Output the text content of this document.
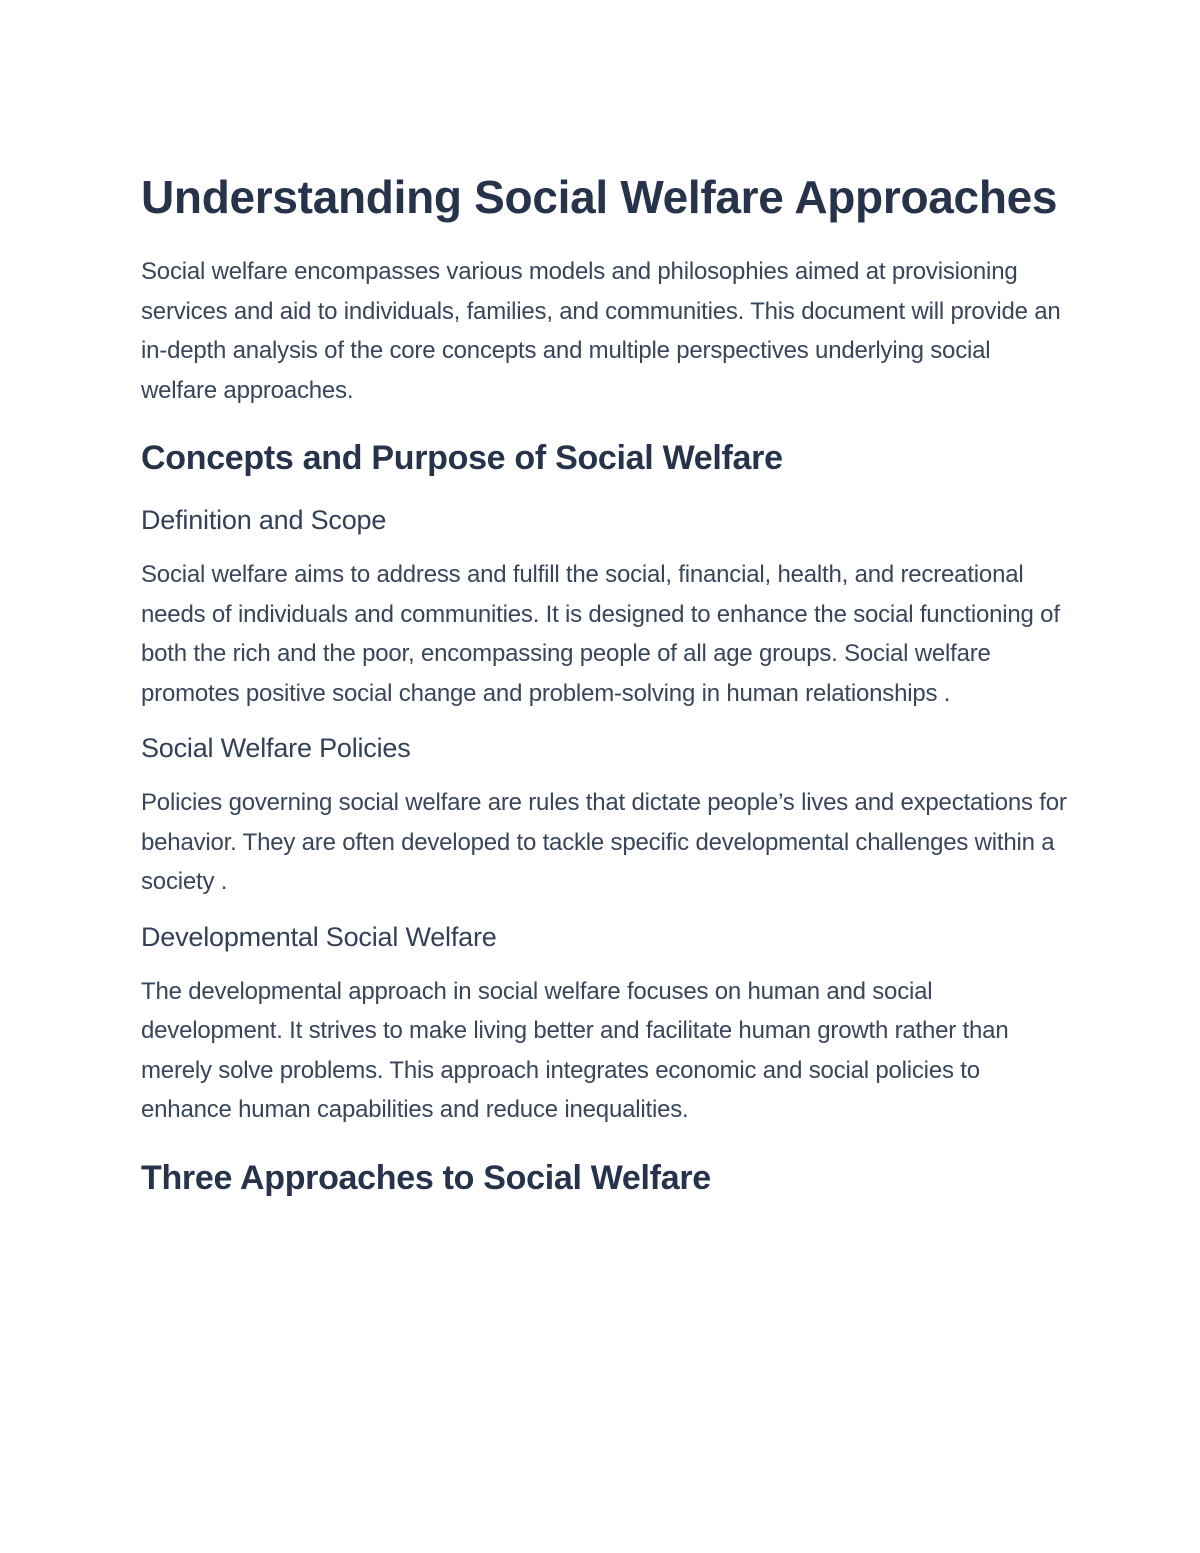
Understanding Social Welfare Approaches

Social welfare encompasses various models and philosophies aimed at provisioning services and aid to individuals, families, and communities. This document will provide an in-depth analysis of the core concepts and multiple perspectives underlying social welfare approaches.

Concepts and Purpose of Social Welfare
Definition and Scope

Social welfare aims to address and fulfill the social, financial, health, and recreational needs of individuals and communities. It is designed to enhance the social functioning of both the rich and the poor, encompassing people of all age groups. Social welfare promotes positive social change and problem-solving in human relationships .

Social Welfare Policies

Policies governing social welfare are rules that dictate people’s lives and expectations for behavior. They are often developed to tackle specific developmental challenges within a society .

Developmental Social Welfare

The developmental approach in social welfare focuses on human and social development. It strives to make living better and facilitate human growth rather than merely solve problems. This approach integrates economic and social policies to enhance human capabilities and reduce inequalities.

Three Approaches to Social Welfare
